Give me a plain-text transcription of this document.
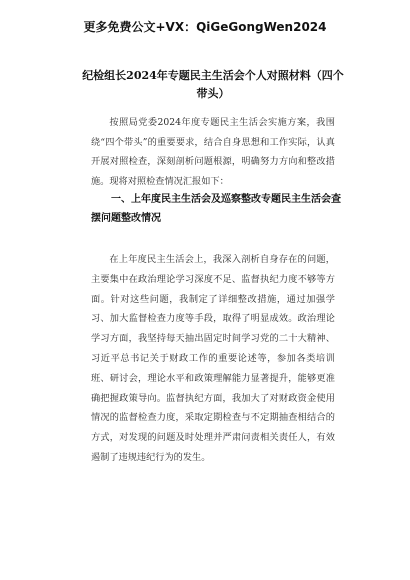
更多免费公文+VX：QiGeGongWen2024
纪检组长2024年专题民主生活会个人对照材料（四个带头）
按照局党委2024年度专题民主生活会实施方案，我围绕“四个带头”的重要要求，结合自身思想和工作实际，认真开展对照检查，深刻剖析问题根源，明确努力方向和整改措施。现将对照检查情况汇报如下：
一、上年度民主生活会及巡察整改专题民主生活会查摆问题整改情况
在上年度民主生活会上，我深入剖析自身存在的问题，主要集中在政治理论学习深度不足、监督执纪力度不够等方面。针对这些问题，我制定了详细整改措施，通过加强学习、加大监督检查力度等手段，取得了明显成效。政治理论学习方面，我坚持每天抽出固定时间学习党的二十大精神、习近平总书记关于财政工作的重要论述等，参加各类培训班、研讨会，理论水平和政策理解能力显著提升，能够更准确把握政策导向。监督执纪方面，我加大了对财政资金使用情况的监督检查力度，采取定期检查与不定期抽查相结合的方式，对发现的问题及时处理并严肃问责相关责任人，有效遏制了违规违纪行为的发生。
